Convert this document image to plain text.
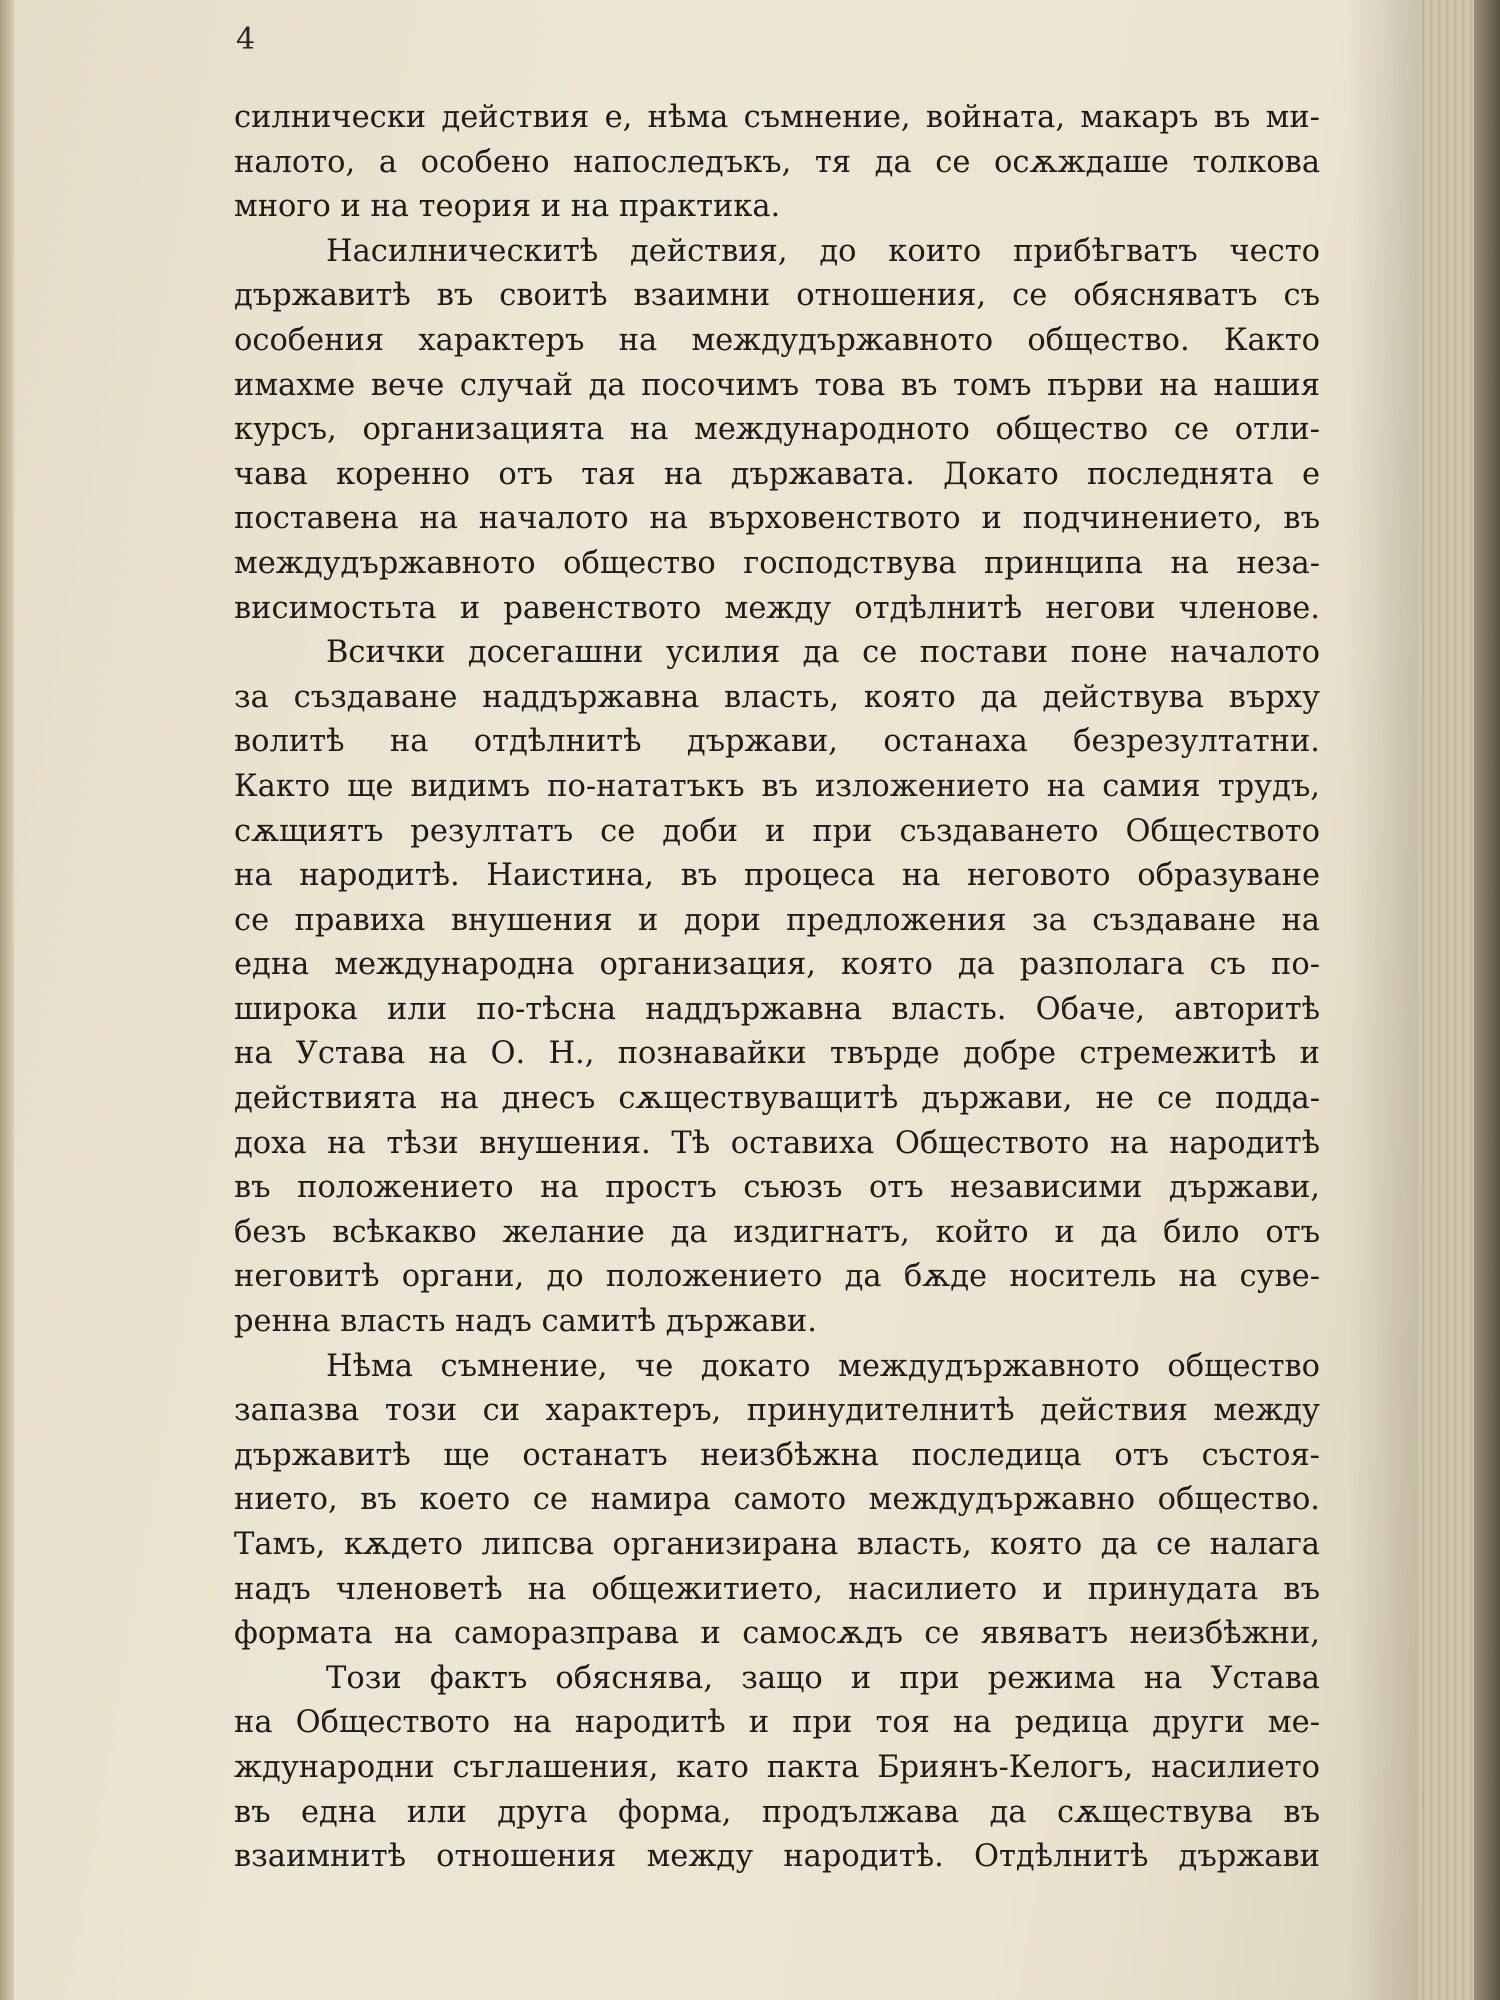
4
силнически действия е, нѣма съмнение, войната, макаръ въ ми-
налото, а особено напоследъкъ, тя да се осѫждаше толкова
много и на теория и на практика.
Насилническитѣ действия, до които прибѣгватъ често
държавитѣ въ своитѣ взаимни отношения, се обясняватъ съ
особения характеръ на междудържавното общество. Както
имахме вече случай да посочимъ това въ томъ първи на нашия
курсъ, организацията на международното общество се отли-
чава коренно отъ тая на държавата. Докато последнята е
поставена на началото на върховенството и подчинението, въ
междудържавното общество господствува принципа на неза-
висимостьта и равенството между отдѣлнитѣ негови членове.
Всички досегашни усилия да се постави поне началото
за създаване наддържавна власть, която да действува върху
волитѣ на отдѣлнитѣ държави, останаха безрезултатни.
Както ще видимъ по-нататъкъ въ изложението на самия трудъ,
сѫщиятъ резултатъ се доби и при създаването Обществото
на народитѣ. Наистина, въ процеса на неговото образуване
се правиха внушения и дори предложения за създаване на
една международна организация, която да разполага съ по-
широка или по-тѣсна наддържавна власть. Обаче, авторитѣ
на Устава на О. Н., познавайки твърде добре стремежитѣ и
действията на днесъ сѫществуващитѣ държави, не се подда-
доха на тѣзи внушения. Тѣ оставиха Обществото на народитѣ
въ положението на простъ съюзъ отъ независими държави,
безъ всѣкакво желание да издигнатъ, който и да било отъ
неговитѣ органи, до положението да бѫде носитель на суве-
ренна власть надъ самитѣ държави.
Нѣма съмнение, че докато междудържавното общество
запазва този си характеръ, принудителнитѣ действия между
държавитѣ ще останатъ неизбѣжна последица отъ състоя-
нието, въ което се намира самото междудържавно общество.
Тамъ, кѫдето липсва организирана власть, която да се налага
надъ членоветѣ на общежитието, насилието и принудата въ
формата на саморазправа и самосѫдъ се явяватъ неизбѣжни,
Този фактъ обяснява, защо и при режима на Устава
на Обществото на народитѣ и при тоя на редица други ме-
ждународни съглашения, като пакта Бриянъ-Келогъ, насилието
въ една или друга форма, продължава да сѫществува въ
взаимнитѣ отношения между народитѣ. Отдѣлнитѣ държави
